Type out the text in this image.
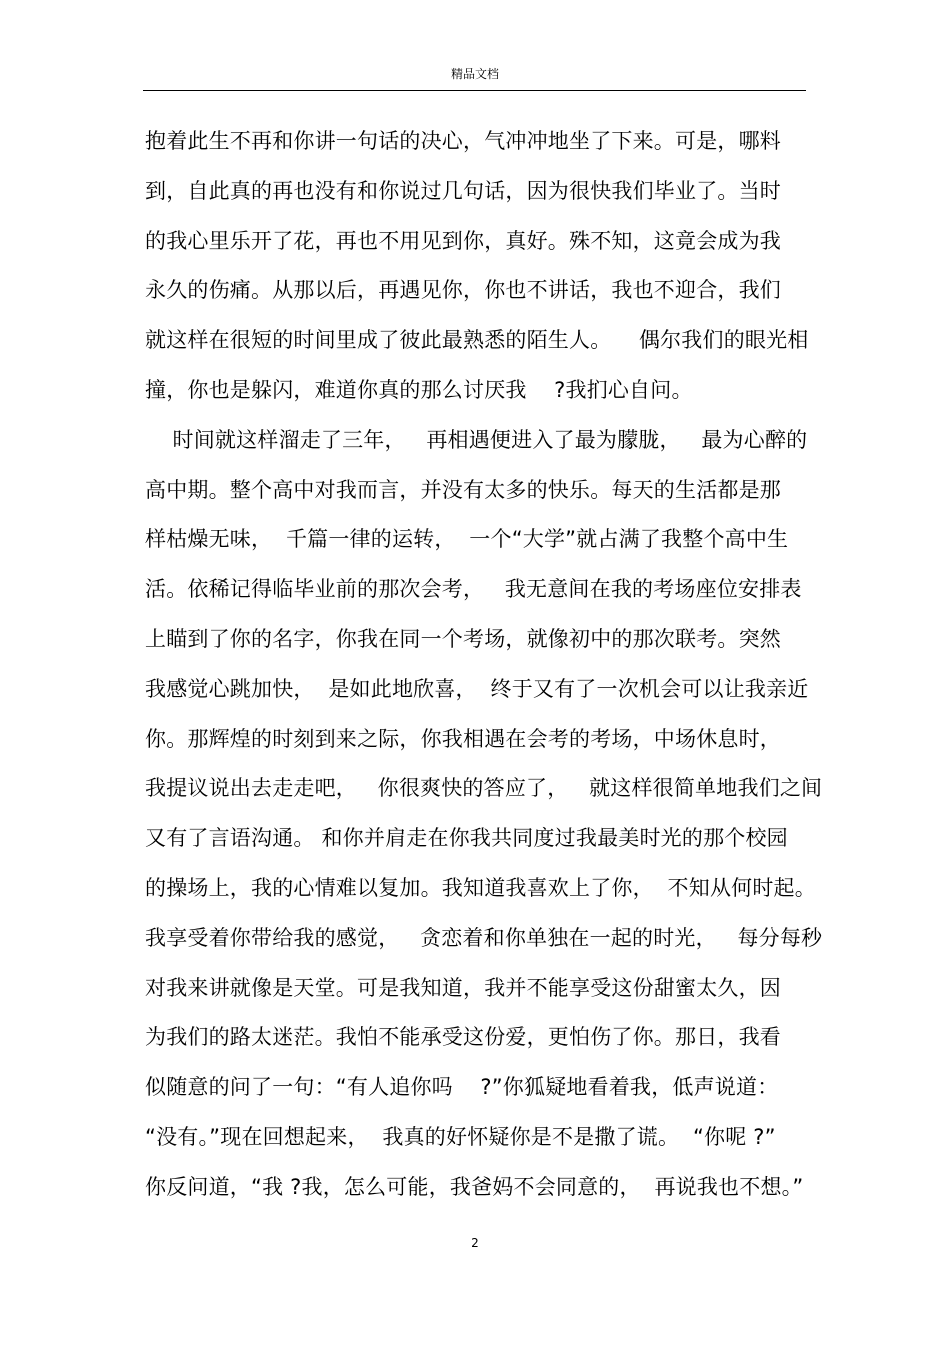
精品文档
抱着此生不再和你讲一句话的决心，气冲冲地坐了下来。可是，哪料
到，自此真的再也没有和你说过几句话，因为很快我们毕业了。当时
的我心里乐开了花，再也不用见到你，真好。殊不知，这竟会成为我
永久的伤痛。从那以后，再遇见你，你也不讲话，我也不迎合，我们
就这样在很短的时间里成了彼此最熟悉的陌生人。    偶尔我们的眼光相
撞，你也是躲闪，难道你真的那么讨厌我    ?我扪心自问。
时间就这样溜走了三年，   再相遇便进入了最为朦胧，   最为心醉的
高中期。整个高中对我而言，并没有太多的快乐。每天的生活都是那
样枯燥无味，  千篇一律的运转，  一个“大学”就占满了我整个高中生
活。依稀记得临毕业前的那次会考，   我无意间在我的考场座位安排表
上瞄到了你的名字，你我在同一个考场，就像初中的那次联考。突然
我感觉心跳加快，  是如此地欣喜，  终于又有了一次机会可以让我亲近
你。那辉煌的时刻到来之际，你我相遇在会考的考场，中场休息时，
我提议说出去走走吧，   你很爽快的答应了，   就这样很简单地我们之间
又有了言语沟通。 和你并肩走在你我共同度过我最美时光的那个校园
的操场上，我的心情难以复加。我知道我喜欢上了你，  不知从何时起。
我享受着你带给我的感觉，   贪恋着和你单独在一起的时光，   每分每秒
对我来讲就像是天堂。可是我知道，我并不能享受这份甜蜜太久，因
为我们的路太迷茫。我怕不能承受这份爱，更怕伤了你。那日，我看
似随意的问了一句：“有人追你吗    ?”你狐疑地看着我，低声说道：
“没有。”现在回想起来，  我真的好怀疑你是不是撒了谎。  “你呢 ?”
你反问道，“我 ?我，怎么可能，我爸妈不会同意的，  再说我也不想。”
2
